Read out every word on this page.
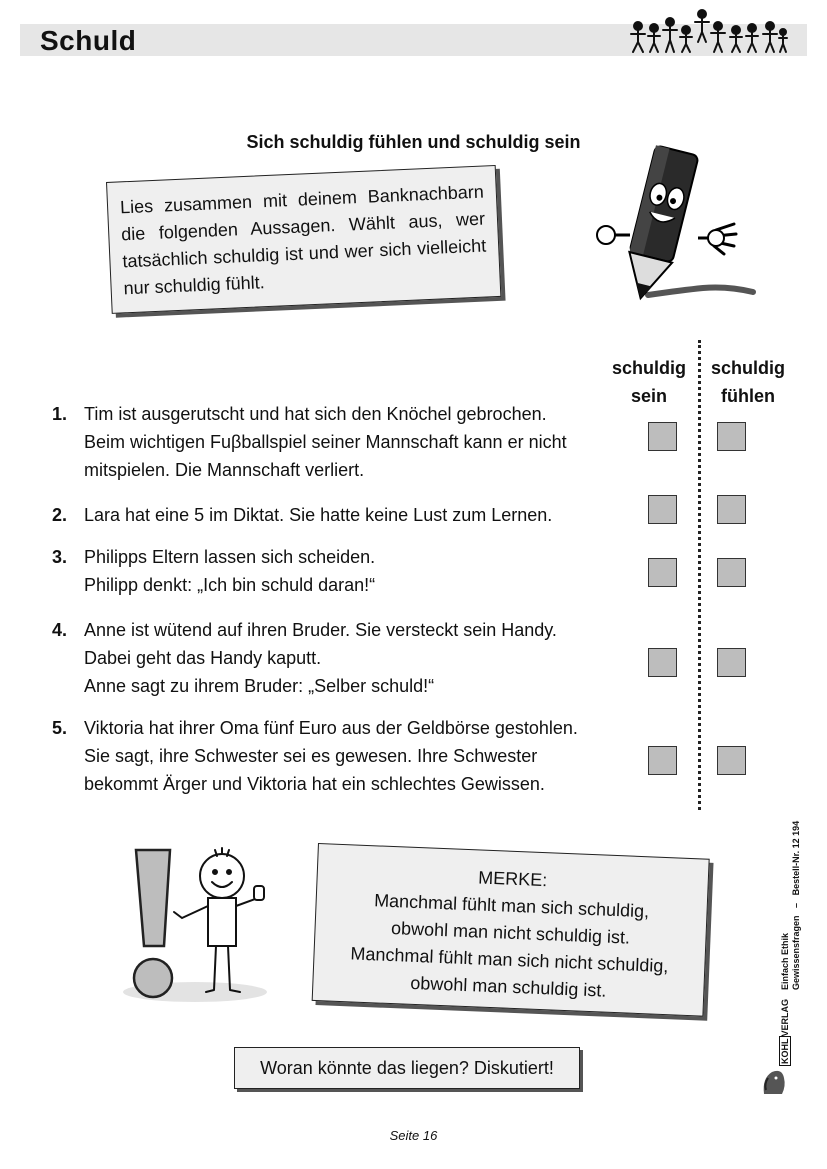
Schuld
Sich schuldig fühlen und schuldig sein
Lies zusammen mit deinem Banknachbarn die folgenden Aussagen. Wählt aus, wer tatsächlich schuldig ist und wer sich vielleicht nur schuldig fühlt.
schuldig
sein
schuldig
fühlen
1. Tim ist ausgerutscht und hat sich den Knöchel gebrochen.
Beim wichtigen Fuβballspiel seiner Mannschaft kann er nicht
mitspielen. Die Mannschaft verliert.
2. Lara hat eine 5 im Diktat. Sie hatte keine Lust zum Lernen.
3. Philipps Eltern lassen sich scheiden.
Philipp denkt: „Ich bin schuld daran!“
4. Anne ist wütend auf ihren Bruder. Sie versteckt sein Handy.
Dabei geht das Handy kaputt.
Anne sagt zu ihrem Bruder: „Selber schuld!“
5. Viktoria hat ihrer Oma fünf Euro aus der Geldbörse gestohlen.
Sie sagt, ihre Schwester sei es gewesen. Ihre Schwester
bekommt Ärger und Viktoria hat ein schlechtes Gewissen.
MERKE:
Manchmal fühlt man sich schuldig,
obwohl man nicht schuldig ist.
Manchmal fühlt man sich nicht schuldig,
obwohl man schuldig ist.
Woran könnte das liegen? Diskutiert!
Seite 16
Einfach Ethik Gewissensfragen   –   Bestell-Nr. 12 194
KOHLVERLAG
